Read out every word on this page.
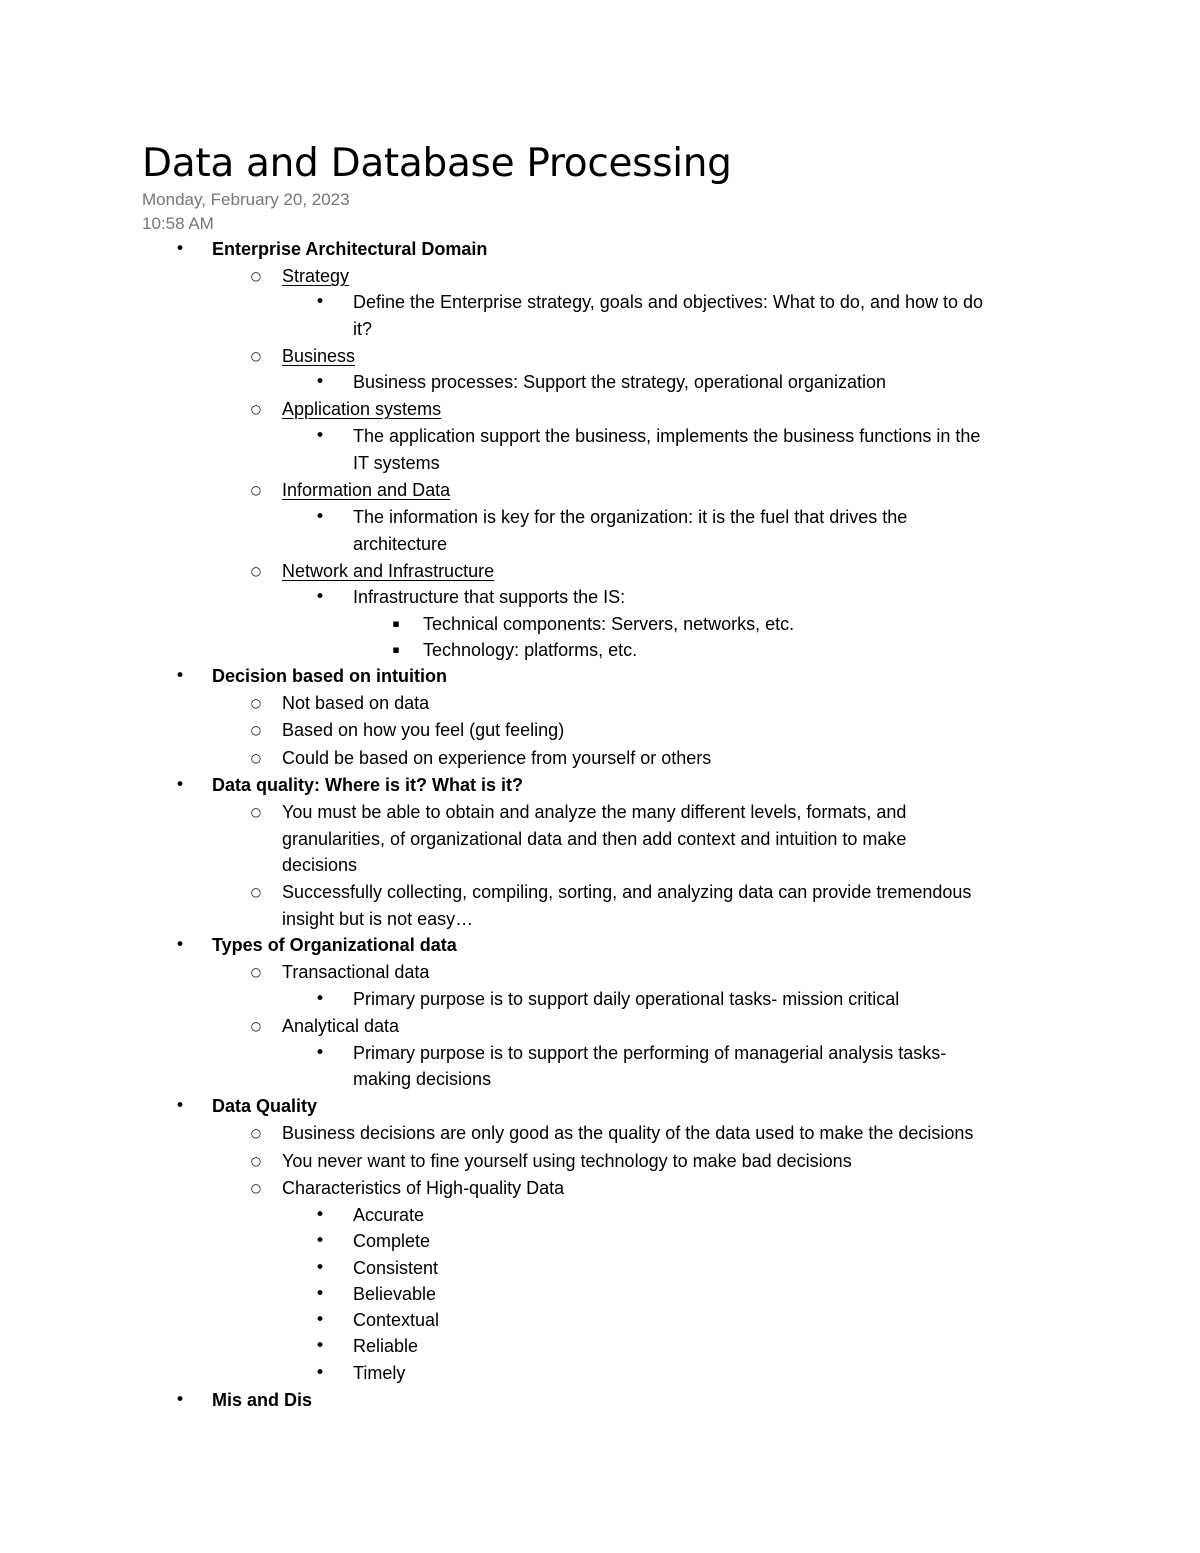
Data and Database Processing
Monday, February 20, 2023
10:58 AM
• Enterprise Architectural Domain
○ Strategy
• Define the Enterprise strategy, goals and objectives: What to do, and how to do
it?
○ Business
• Business processes: Support the strategy, operational organization
○ Application systems
• The application support the business, implements the business functions in the
IT systems
○ Information and Data
• The information is key for the organization: it is the fuel that drives the
architecture
○ Network and Infrastructure
• Infrastructure that supports the IS:
▪	Technical components: Servers, networks, etc.
▪	Technology: platforms, etc.
• Decision based on intuition
○ Not based on data
○ Based on how you feel (gut feeling)
○ Could be based on experience from yourself or others
• Data quality: Where is it? What is it?
○ You must be able to obtain and analyze the many different levels, formats, and
granularities, of organizational data and then add context and intuition to make
decisions
○ Successfully collecting, compiling, sorting, and analyzing data can provide tremendous
insight but is not easy…
• Types of Organizational data
○ Transactional data
• Primary purpose is to support daily operational tasks- mission critical
○ Analytical data
• Primary purpose is to support the performing of managerial analysis tasks-
making decisions
• Data Quality
○ Business decisions are only good as the quality of the data used to make the decisions
○ You never want to fine yourself using technology to make bad decisions
○ Characteristics of High-quality Data
• Accurate
• Complete
• Consistent
• Believable
• Contextual
• Reliable
• Timely
• Mis and Dis
